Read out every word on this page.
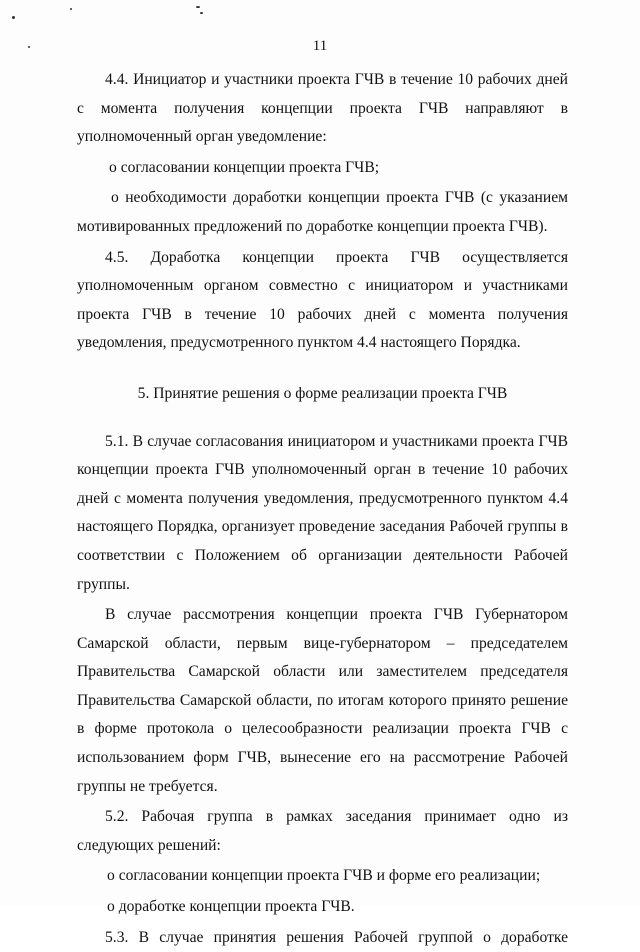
11

4.4. Инициатор и участники проекта ГЧВ в течение 10 рабочих дней с момента получения концепции проекта ГЧВ направляют в уполномоченный орган уведомление:

о согласовании концепции проекта ГЧВ;

о необходимости доработки концепции проекта ГЧВ (с указанием мотивированных предложений по доработке концепции проекта ГЧВ).

4.5. Доработка концепции проекта ГЧВ осуществляется уполномоченным органом совместно с инициатором и участниками проекта ГЧВ в течение 10 рабочих дней с момента получения уведомления, предусмотренного пунктом 4.4 настоящего Порядка.

5. Принятие решения о форме реализации проекта ГЧВ

5.1. В случае согласования инициатором и участниками проекта ГЧВ концепции проекта ГЧВ уполномоченный орган в течение 10 рабочих дней с момента получения уведомления, предусмотренного пунктом 4.4 настоящего Порядка, организует проведение заседания Рабочей группы в соответствии с Положением об организации деятельности Рабочей группы.

В случае рассмотрения концепции проекта ГЧВ Губернатором Самарской области, первым вице-губернатором – председателем Правительства Самарской области или заместителем председателя Правительства Самарской области, по итогам которого принято решение в форме протокола о целесообразности реализации проекта ГЧВ с использованием форм ГЧВ, вынесение его на рассмотрение Рабочей группы не требуется.

5.2. Рабочая группа в рамках заседания принимает одно из следующих решений:

о согласовании концепции проекта ГЧВ и форме его реализации;

о доработке концепции проекта ГЧВ.

5.3. В случае принятия решения Рабочей группой о доработке
